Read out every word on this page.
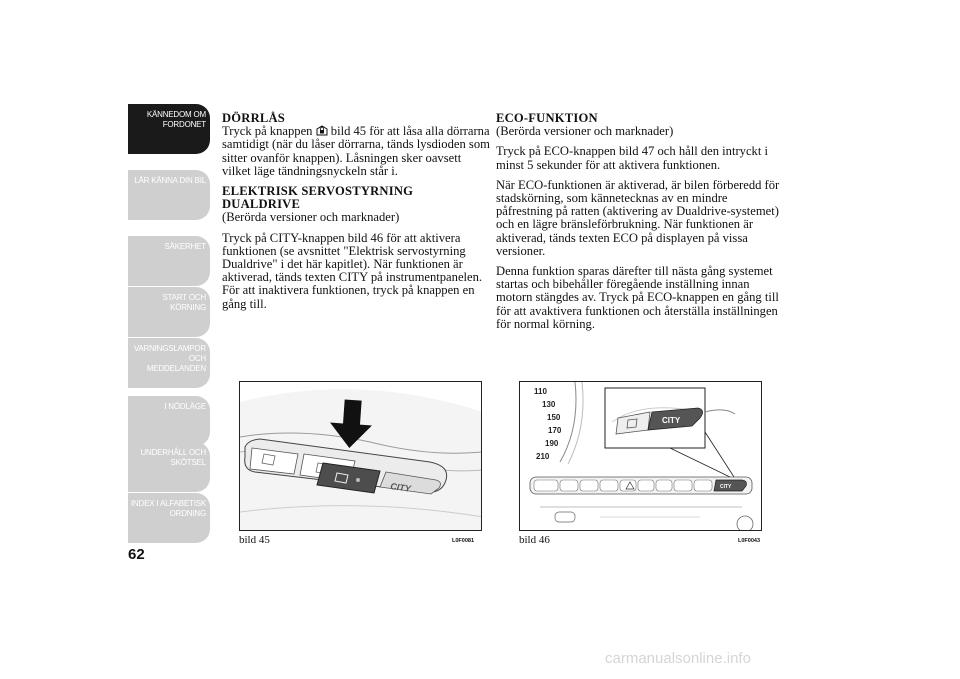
KÄNNEDOM OM FORDONET
LÄR KÄNNA DIN BIL
SÄKERHET
START OCH KÖRNING
VARNINGSLAMPOR OCH MEDDELANDEN
I NÖDLÄGE
UNDERHÅLL OCH SKÖTSEL
INDEX I ALFABETISK ORDNING
62

DÖRRLÅS

Tryck på knappen  bild 45 för att låsa alla dörrarna samtidigt (när du låser dörrarna, tänds lysdioden som sitter ovanför knappen). Låsningen sker oavsett vilket läge tändningsnyckeln står i.

ELEKTRISK SERVOSTYRNING DUALDRIVE

(Berörda versioner och marknader)

Tryck på CITY-knappen bild 46 för att aktivera funktionen (se avsnittet "Elektrisk servostyrning Dualdrive" i det här kapitlet). När funktionen är aktiverad, tänds texten CITY på instrumentpanelen. För att inaktivera funktionen, tryck på knappen en gång till.

ECO-FUNKTION

(Berörda versioner och marknader)

Tryck på ECO-knappen bild 47 och håll den intryckt i minst 5 sekunder för att aktivera funktionen.

När ECO-funktionen är aktiverad, är bilen förberedd för stadskörning, som kännetecknas av en mindre påfrestning på ratten (aktivering av Dualdrive-systemet) och en lägre bränsleförbrukning. När funktionen är aktiverad, tänds texten ECO på displayen på vissa versioner.

Denna funktion sparas därefter till nästa gång systemet startas och bibehåller föregående inställning innan motorn stängdes av. Tryck på ECO-knappen en gång till för att avaktivera funktionen och återställa inställningen för normal körning.

CITY
bild 45	L0F0081
110
130
150
170
190
210
CITY
CITY
bild 46	L0F0043
carmanualsonline.info
